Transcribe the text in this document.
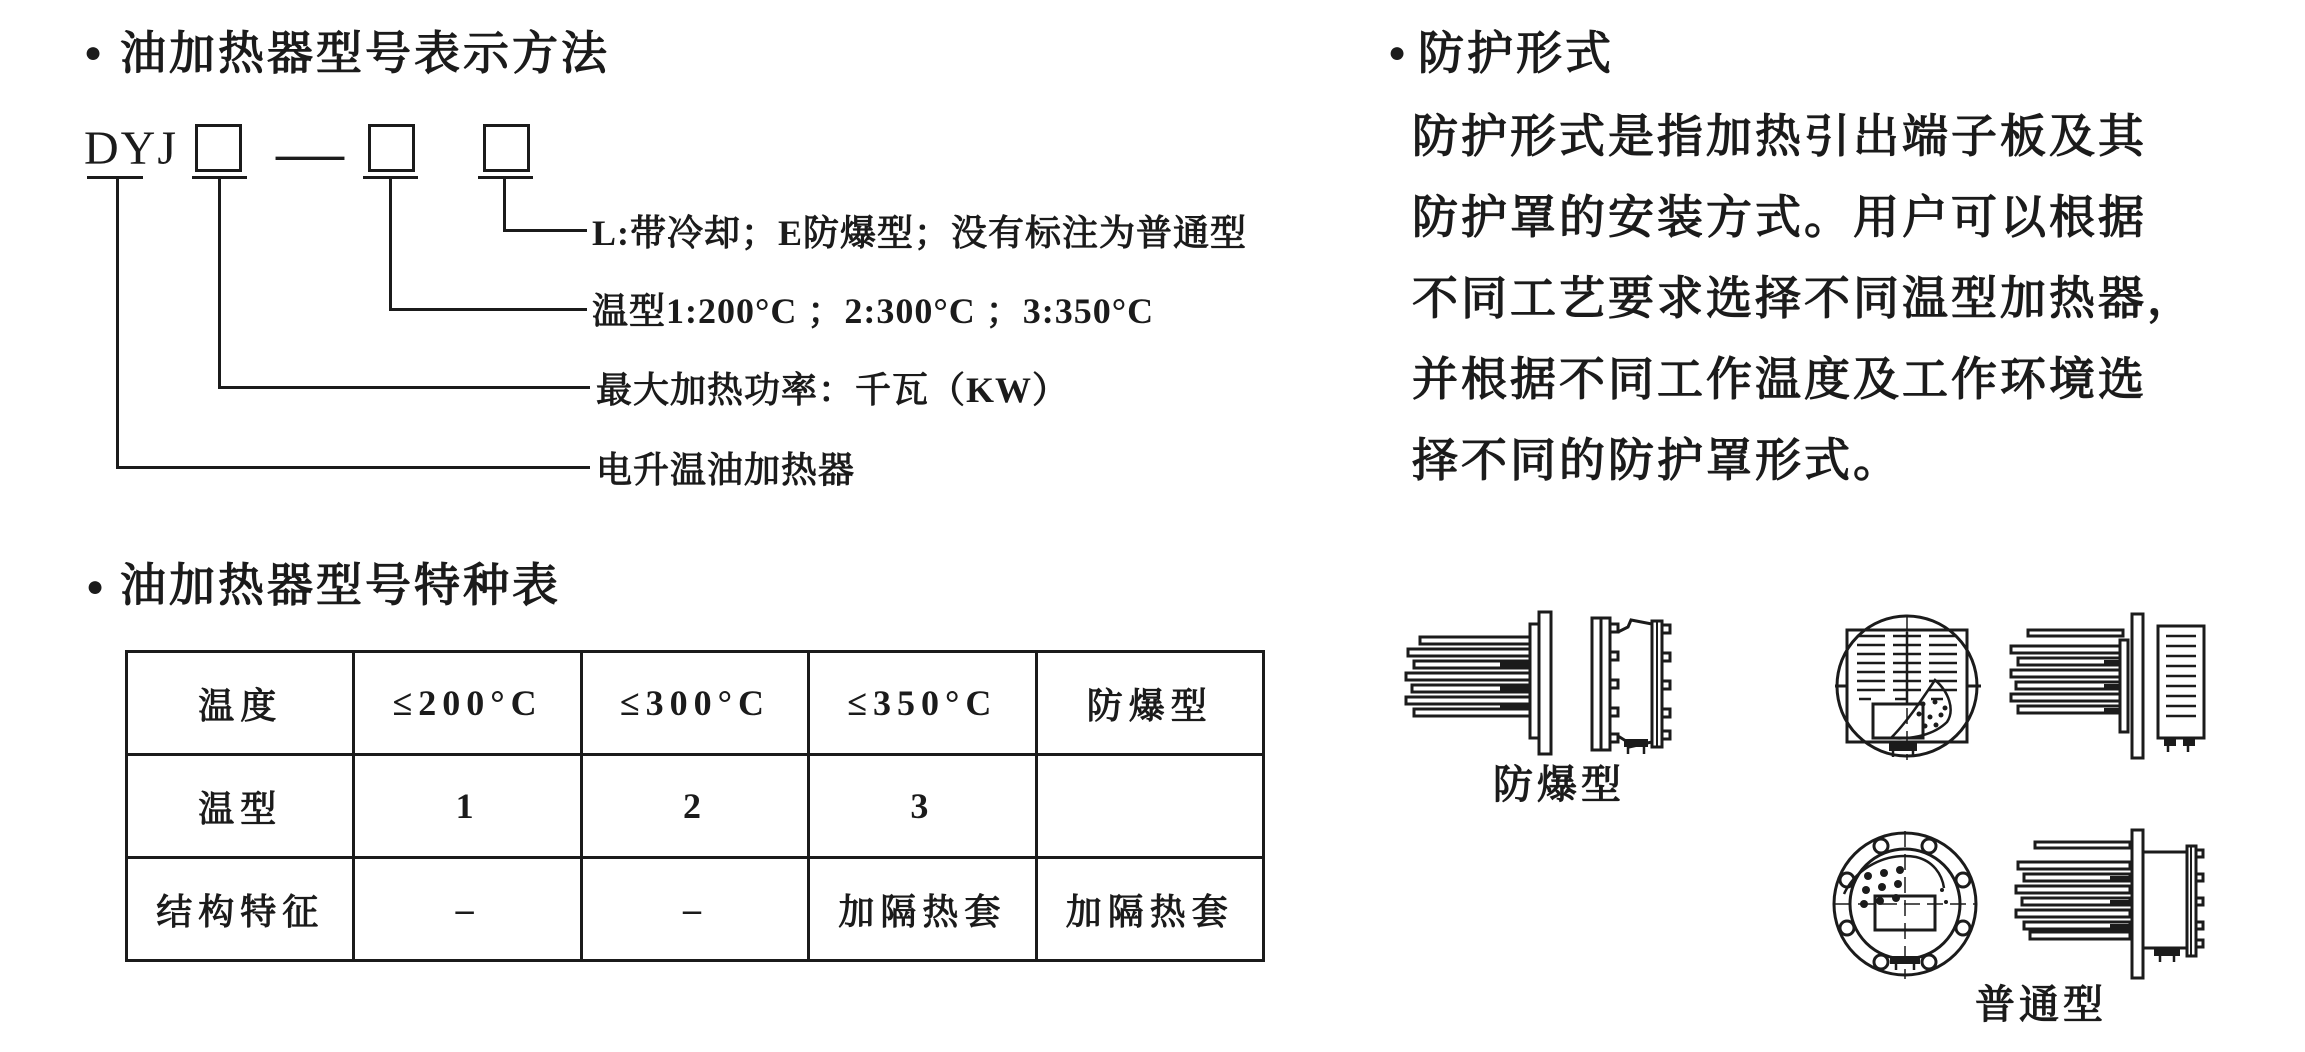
● 油加热器型号表示方法
DYJ —
L:带冷却；E防爆型；没有标注为普通型
温型1:200°C ；2:300°C ；3:350°C
最大加热功率：千瓦（KW）
电升温油加热器
● 油加热器型号特种表
温度	≤200°C	≤300°C	≤350°C	防爆型
温型	1	2	3	
结构特征	–	–	加隔热套	加隔热套
● 防护形式
防护形式是指加热引出端子板及其
防护罩的安装方式。用户可以根据
不同工艺要求选择不同温型加热器，
并根据不同工作温度及工作环境选
择不同的防护罩形式。
防爆型
普通型
